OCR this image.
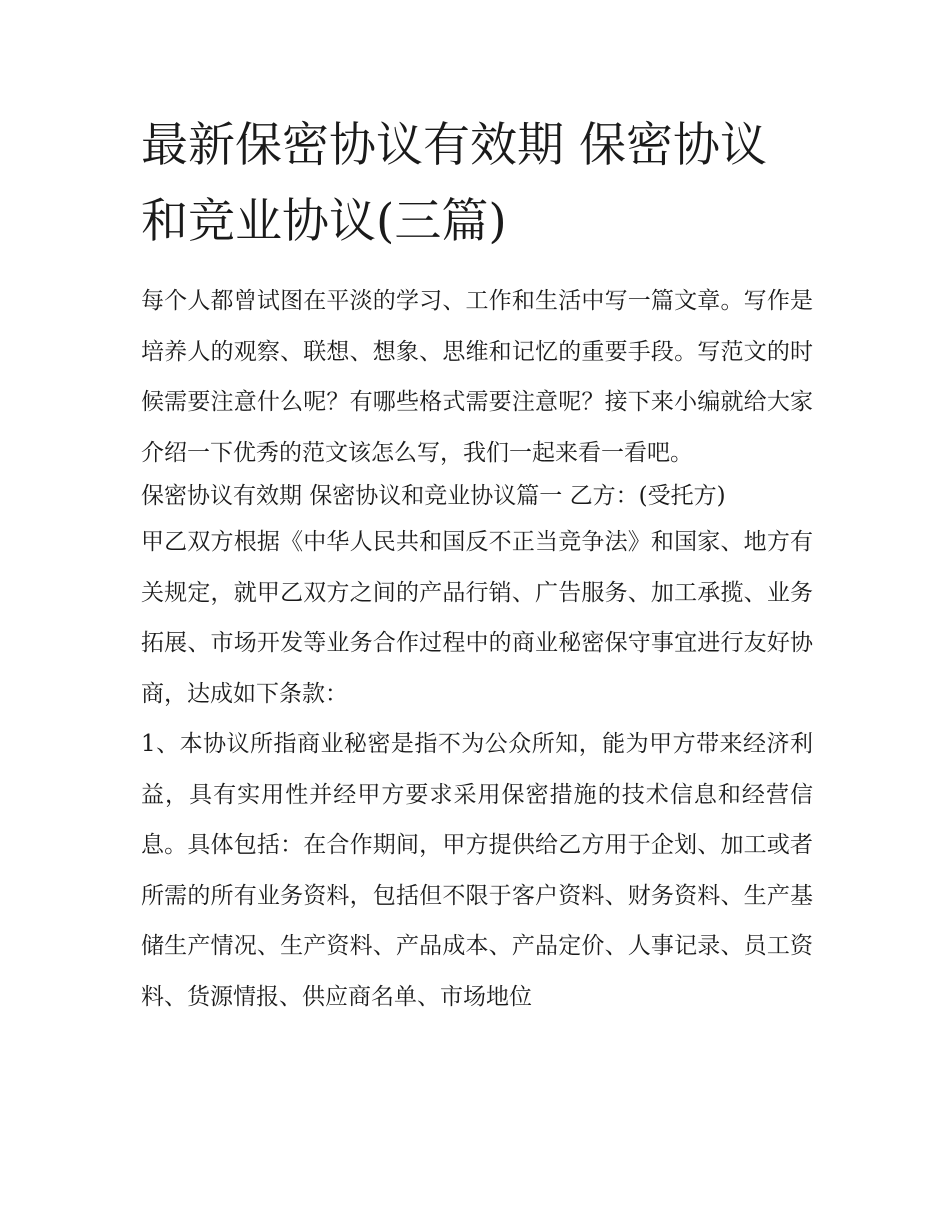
最新保密协议有效期 保密协议和竞业协议(三篇)

每个人都曾试图在平淡的学习、工作和生活中写一篇文章。写作是培养人的观察、联想、想象、思维和记忆的重要手段。写范文的时候需要注意什么呢？有哪些格式需要注意呢？接下来小编就给大家介绍一下优秀的范文该怎么写，我们一起来看一看吧。

保密协议有效期 保密协议和竞业协议篇一 乙方：(受托方)

甲乙双方根据《中华人民共和国反不正当竞争法》和国家、地方有关规定，就甲乙双方之间的产品行销、广告服务、加工承揽、业务拓展、市场开发等业务合作过程中的商业秘密保守事宜进行友好协商，达成如下条款：

1、本协议所指商业秘密是指不为公众所知，能为甲方带来经济利益，具有实用性并经甲方要求采用保密措施的技术信息和经营信息。具体包括：在合作期间，甲方提供给乙方用于企划、加工或者所需的所有业务资料，包括但不限于客户资料、财务资料、生产基储生产情况、生产资料、产品成本、产品定价、人事记录、员工资料、货源情报、供应商名单、市场地位
